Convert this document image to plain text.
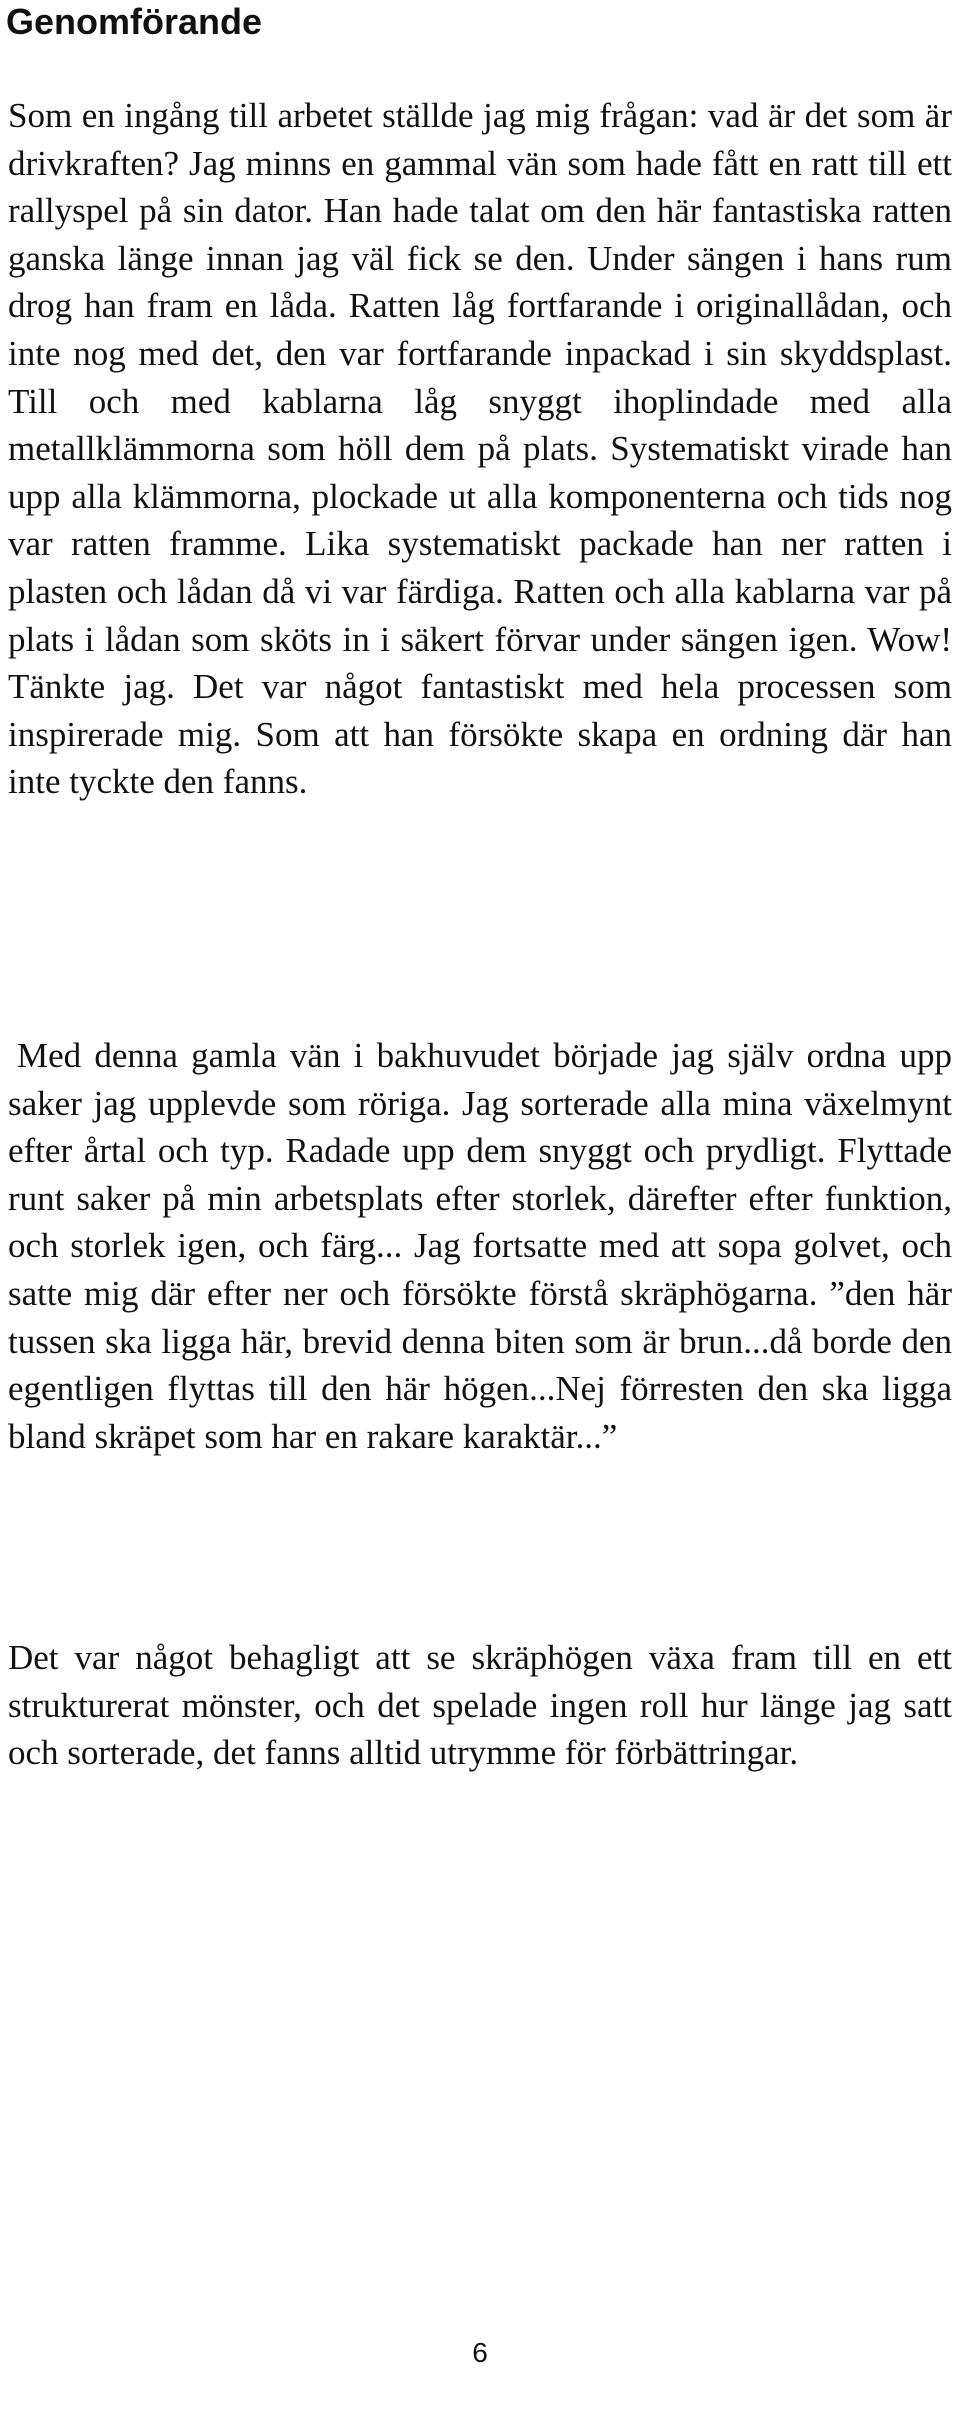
Genomförande

Som en ingång till arbetet ställde jag mig frågan: vad är det som är drivkraften? Jag minns en gammal vän som hade fått en ratt till ett rallyspel på sin dator. Han hade talat om den här fantastiska ratten ganska länge innan jag väl fick se den. Under sängen i hans rum drog han fram en låda. Ratten låg fortfarande i originallådan, och inte nog med det, den var fortfarande inpackad i sin skyddsplast. Till och med kablarna låg snyggt ihoplindade med alla metallklämmorna som höll dem på plats. Systematiskt virade han upp alla klämmorna, plockade ut alla komponenterna och tids nog var ratten framme. Lika systematiskt packade han ner ratten i plasten och lådan då vi var färdiga. Ratten och alla kablarna var på plats i lådan som sköts in i säkert förvar under sängen igen. Wow! Tänkte jag. Det var något fantastiskt med hela processen som inspirerade mig. Som att han försökte skapa en ordning där han inte tyckte den fanns.

Med denna gamla vän i bakhuvudet började jag själv ordna upp saker jag upplevde som röriga. Jag sorterade alla mina växelmynt efter årtal och typ. Radade upp dem snyggt och prydligt. Flyttade runt saker på min arbetsplats efter storlek, därefter efter funktion, och storlek igen, och färg... Jag fortsatte med att sopa golvet, och satte mig där efter ner och försökte förstå skräphögarna. ”den här tussen ska ligga här, brevid denna biten som är brun...då borde den egentligen flyttas till den här högen...Nej förresten den ska ligga bland skräpet som har en rakare karaktär...”

Det var något behagligt att se skräphögen växa fram till en ett strukturerat mönster, och det spelade ingen roll hur länge jag satt och sorterade, det fanns alltid utrymme för förbättringar.

6
